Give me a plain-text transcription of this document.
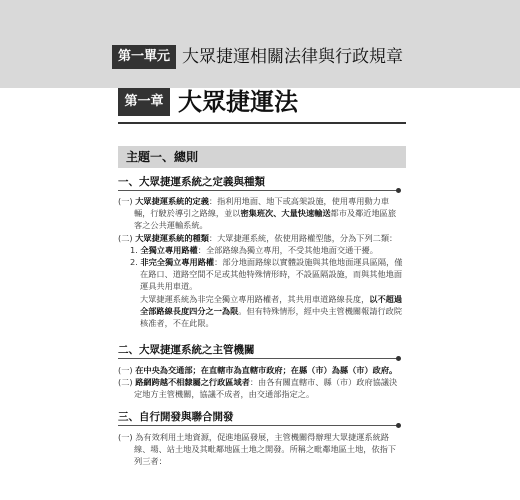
第一單元 大眾捷運相關法律與行政規章
第一章 大眾捷運法
主題一、總則
一、大眾捷運系統之定義與種類
(一) 大眾捷運系統的定義：指利用地面、地下或高架設施，使用專用動力車
輛，行駛於導引之路線，並以密集班次、大量快速輸送都市及鄰近地區旅
客之公共運輸系統。
(二) 大眾捷運系統的種類：大眾捷運系統，依使用路權型態，分為下列二類：
1. 全獨立專用路權：全部路線為獨立專用，不受其他地面交通干擾。
2. 非完全獨立專用路權：部分地面路線以實體設施與其他地面運具區隔，僅
在路口、道路空間不足或其他特殊情形時，不設區隔設施，而與其他地面
運具共用車道。
大眾捷運系統為非完全獨立專用路權者，其共用車道路線長度，以不超過
全部路線長度四分之一為限。但有特殊情形，經中央主管機關報請行政院
核准者，不在此限。
二、大眾捷運系統之主管機關
(一) 在中央為交通部；在直轄市為直轄市政府；在縣（市）為縣（市）政府。
(二) 路網跨越不相隸屬之行政區域者：由各有關直轄市、縣（市）政府協議決
定地方主管機關，協議不成者，由交通部指定之。
三、自行開發與聯合開發
(一) 為有效利用土地資源，促進地區發展，主管機關得辦理大眾捷運系統路
線、場、站土地及其毗鄰地區土地之開發。所稱之毗鄰地區土地，依指下
列三者：
